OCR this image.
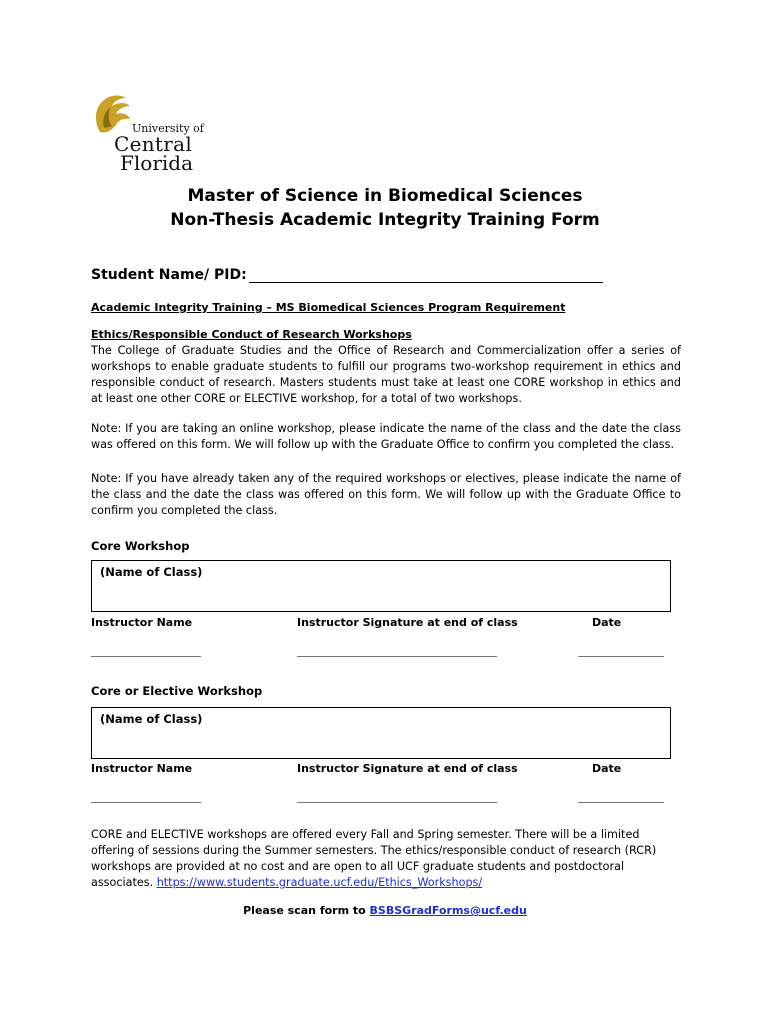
University of
Central
Florida
Master of Science in Biomedical Sciences
Non-Thesis Academic Integrity Training Form
Student Name/ PID:
Academic Integrity Training – MS Biomedical Sciences Program Requirement
Ethics/Responsible Conduct of Research Workshops
The College of Graduate Studies and the Office of Research and Commercialization offer a series of workshops to enable graduate students to fulfill our programs two-workshop requirement in ethics and responsible conduct of research. Masters students must take at least one CORE workshop in ethics and at least one other CORE or ELECTIVE workshop, for a total of two workshops.
Note: If you are taking an online workshop, please indicate the name of the class and the date the class was offered on this form. We will follow up with the Graduate Office to confirm you completed the class.
Note: If you have already taken any of the required workshops or electives, please indicate the name of the class and the date the class was offered on this form. We will follow up with the Graduate Office to confirm you completed the class.
Core Workshop
(Name of Class)
Instructor Name	Instructor Signature at end of class	Date
Core or Elective Workshop
(Name of Class)
Instructor Name	Instructor Signature at end of class	Date
CORE and ELECTIVE workshops are offered every Fall and Spring semester. There will be a limited offering of sessions during the Summer semesters. The ethics/responsible conduct of research (RCR) workshops are provided at no cost and are open to all UCF graduate students and postdoctoral associates. https://www.students.graduate.ucf.edu/Ethics_Workshops/
Please scan form to BSBSGradForms@ucf.edu
